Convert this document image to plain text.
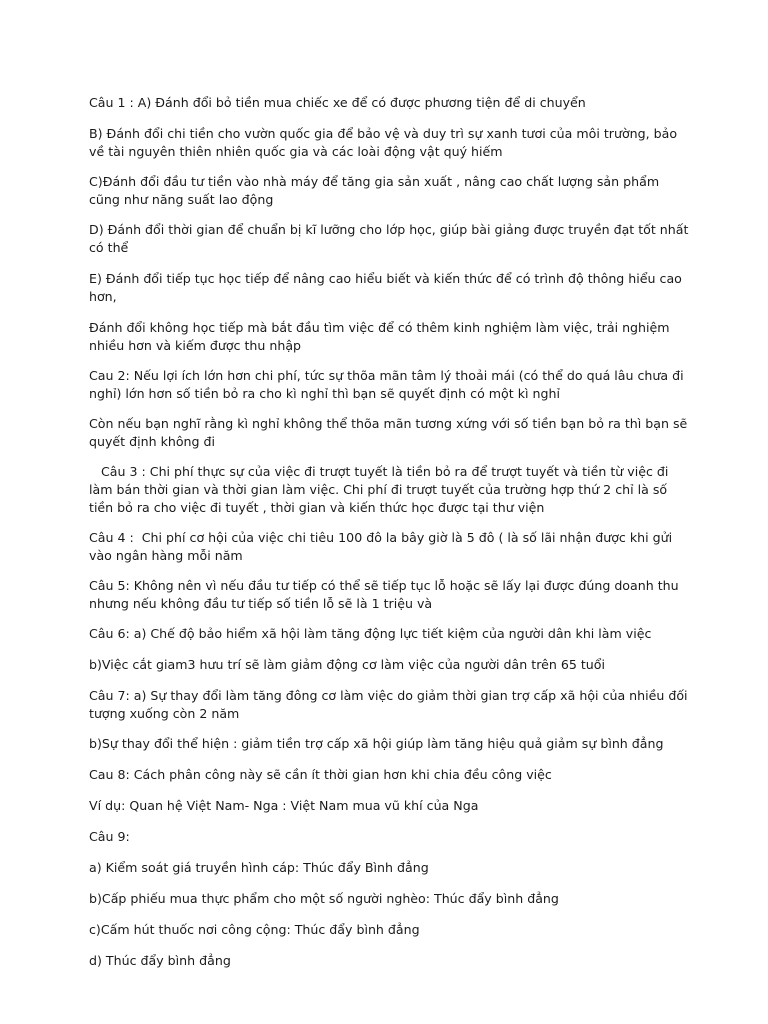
Câu 1 : A) Đánh đổi bỏ tiền mua chiếc xe để có được phương tiện để di chuyển

B) Đánh đổi chi tiền cho vườn quốc gia để bảo vệ và duy trì sự xanh tươi của môi trường, bảo về tài nguyên thiên nhiên quốc gia và các loài động vật quý hiếm

C)Đánh đổi đầu tư tiền vào nhà máy để tăng gia sản xuất , nâng cao chất lượng sản phẩm cũng như năng suất lao động

D) Đánh đổi thời gian để chuẩn bị kĩ lưỡng cho lớp học, giúp bài giảng được truyền đạt tốt nhất có thể

E) Đánh đổi tiếp tục học tiếp để nâng cao hiểu biết và kiến thức để có trình độ thông hiểu cao hơn,

Đánh đổi không học tiếp mà bắt đầu tìm việc để có thêm kinh nghiệm làm việc, trải nghiệm nhiều hơn và kiếm được thu nhập

Cau 2: Nếu lợi ích lớn hơn chi phí, tức sự thõa mãn tâm lý thoải mái (có thể do quá lâu chưa đi nghỉ) lớn hơn số tiền bỏ ra cho kì nghỉ thì bạn sẽ quyết định có một kì nghỉ

Còn nếu bạn nghĩ rằng kì nghỉ không thể thõa mãn tương xứng với số tiền bạn bỏ ra thì bạn sẽ quyết định không đi

Câu 3 : Chi phí thực sự của việc đi trượt tuyết là tiền bỏ ra để trượt tuyết và tiền từ việc đi làm bán thời gian và thời gian làm việc. Chi phí đi trượt tuyết của trường hợp thứ 2 chỉ là số tiền bỏ ra cho việc đi tuyết , thời gian và kiến thức học được tại thư viện

Câu 4 :  Chi phí cơ hội của việc chi tiêu 100 đô la bây giờ là 5 đô ( là số lãi nhận được khi gửi vào ngân hàng mỗi năm

Câu 5: Không nên vì nếu đầu tư tiếp có thể sẽ tiếp tục lỗ hoặc sẽ lấy lại được đúng doanh thu nhưng nếu không đầu tư tiếp số tiền lỗ sẽ là 1 triệu và

Câu 6: a) Chế độ bảo hiểm xã hội làm tăng động lực tiết kiệm của người dân khi làm việc

b)Việc cắt giam3 hưu trí sẽ làm giảm động cơ làm việc của người dân trên 65 tuổi

Câu 7: a) Sự thay đổi làm tăng đông cơ làm việc do giảm thời gian trợ cấp xã hội của nhiều đối tượng xuống còn 2 năm

b)Sự thay đổi thể hiện : giảm tiền trợ cấp xã hội giúp làm tăng hiệu quả giảm sự bình đẳng

Cau 8: Cách phân công này sẽ cần ít thời gian hơn khi chia đều công việc

Ví dụ: Quan hệ Việt Nam- Nga : Việt Nam mua vũ khí của Nga

Câu 9:

a) Kiểm soát giá truyền hình cáp: Thúc đẩy Bình đẳng

b)Cấp phiếu mua thực phẩm cho một số người nghèo: Thúc đẩy bình đẳng

c)Cấm hút thuốc nơi công cộng: Thúc đẩy bình đẳng

d) Thúc đẩy bình đẳng
